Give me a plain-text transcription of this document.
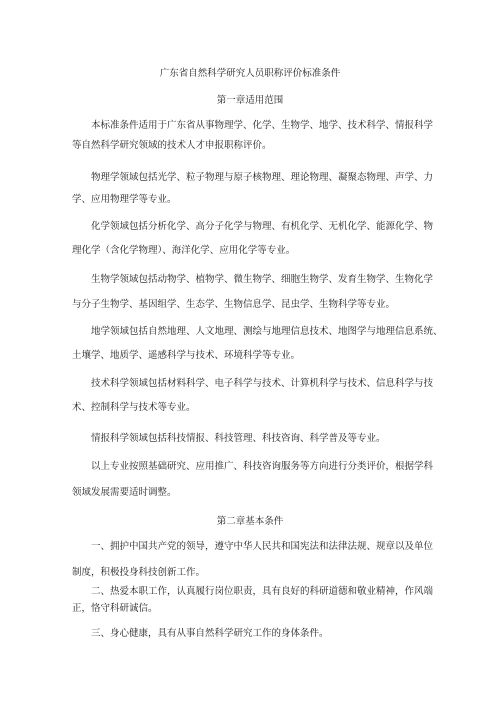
广东省自然科学研究人员职称评价标准条件
第一章适用范围
本标准条件适用于广东省从事物理学、化学、生物学、地学、技术科学、情报科学
等自然科学研究领域的技术人才申报职称评价。
物理学领域包括光学、粒子物理与原子核物理、理论物理、凝聚态物理、声学、力
学、应用物理学等专业。
化学领域包括分析化学、高分子化学与物理、有机化学、无机化学、能源化学、物
理化学（含化学物理）、海洋化学、应用化学等专业。
生物学领域包括动物学、植物学、微生物学、细胞生物学、发育生物学、生物化学
与分子生物学、基因组学、生态学、生物信息学、昆虫学、生物科学等专业。
地学领域包括自然地理、人文地理、测绘与地理信息技术、地图学与地理信息系统、
土壤学、地质学、遥感科学与技术、环境科学等专业。
技术科学领域包括材料科学、电子科学与技术、计算机科学与技术、信息科学与技
术、控制科学与技术等专业。
情报科学领域包括科技情报、科技管理、科技咨询、科学普及等专业。
以上专业按照基础研究、应用推广、科技咨询服务等方向进行分类评价，根据学科
领域发展需要适时调整。
第二章基本条件
一、拥护中国共产党的领导，遵守中华人民共和国宪法和法律法规、规章以及单位
制度，积极投身科技创新工作。
二、热爱本职工作，认真履行岗位职责，具有良好的科研道德和敬业精神，作风端
正，恪守科研诚信。
三、身心健康，具有从事自然科学研究工作的身体条件。
